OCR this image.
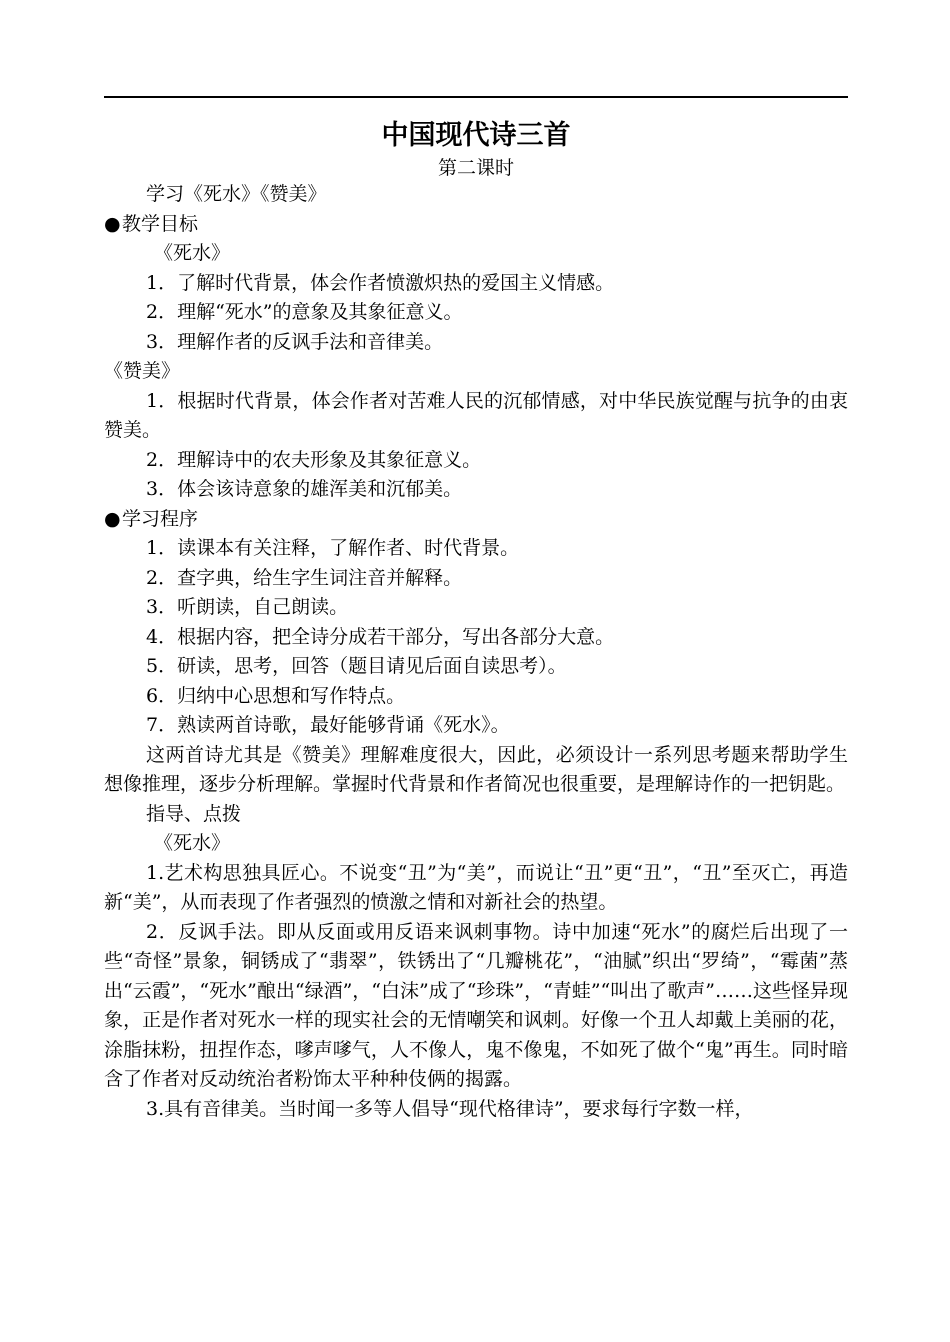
中国现代诗三首
第二课时

学习《死水》《赞美》

●教学目标

《死水》

1．了解时代背景，体会作者愤激炽热的爱国主义情感。

2．理解“死水”的意象及其象征意义。

3．理解作者的反讽手法和音律美。

《赞美》

1．根据时代背景，体会作者对苦难人民的沉郁情感，对中华民族觉醒与抗争的由衷赞美。

2．理解诗中的农夫形象及其象征意义。

3．体会该诗意象的雄浑美和沉郁美。

●学习程序

1．读课本有关注释，了解作者、时代背景。

2．查字典，给生字生词注音并解释。

3．听朗读，自己朗读。

4．根据内容，把全诗分成若干部分，写出各部分大意。

5．研读，思考，回答（题目请见后面自读思考）。

6．归纳中心思想和写作特点。

7．熟读两首诗歌，最好能够背诵《死水》。

这两首诗尤其是《赞美》理解难度很大，因此，必须设计一系列思考题来帮助学生想像推理，逐步分析理解。掌握时代背景和作者简况也很重要，是理解诗作的一把钥匙。

指导、点拨

《死水》

1.艺术构思独具匠心。不说变“丑”为“美”，而说让“丑”更“丑”，“丑”至灭亡，再造新“美”，从而表现了作者强烈的愤激之情和对新社会的热望。

2．反讽手法。即从反面或用反语来讽刺事物。诗中加速“死水”的腐烂后出现了一些“奇怪”景象，铜锈成了“翡翠”，铁锈出了“几瓣桃花”，“油腻”织出“罗绮”，“霉菌”蒸出“云霞”，“死水”酿出“绿酒”，“白沫”成了“珍珠”，“青蛙”“叫出了歌声”……这些怪异现象，正是作者对死水一样的现实社会的无情嘲笑和讽刺。好像一个丑人却戴上美丽的花，涂脂抹粉，扭捏作态，嗲声嗲气，人不像人，鬼不像鬼，不如死了做个“鬼”再生。同时暗含了作者对反动统治者粉饰太平种种伎俩的揭露。

3.具有音律美。当时闻一多等人倡导“现代格律诗”，要求每行字数一样，
